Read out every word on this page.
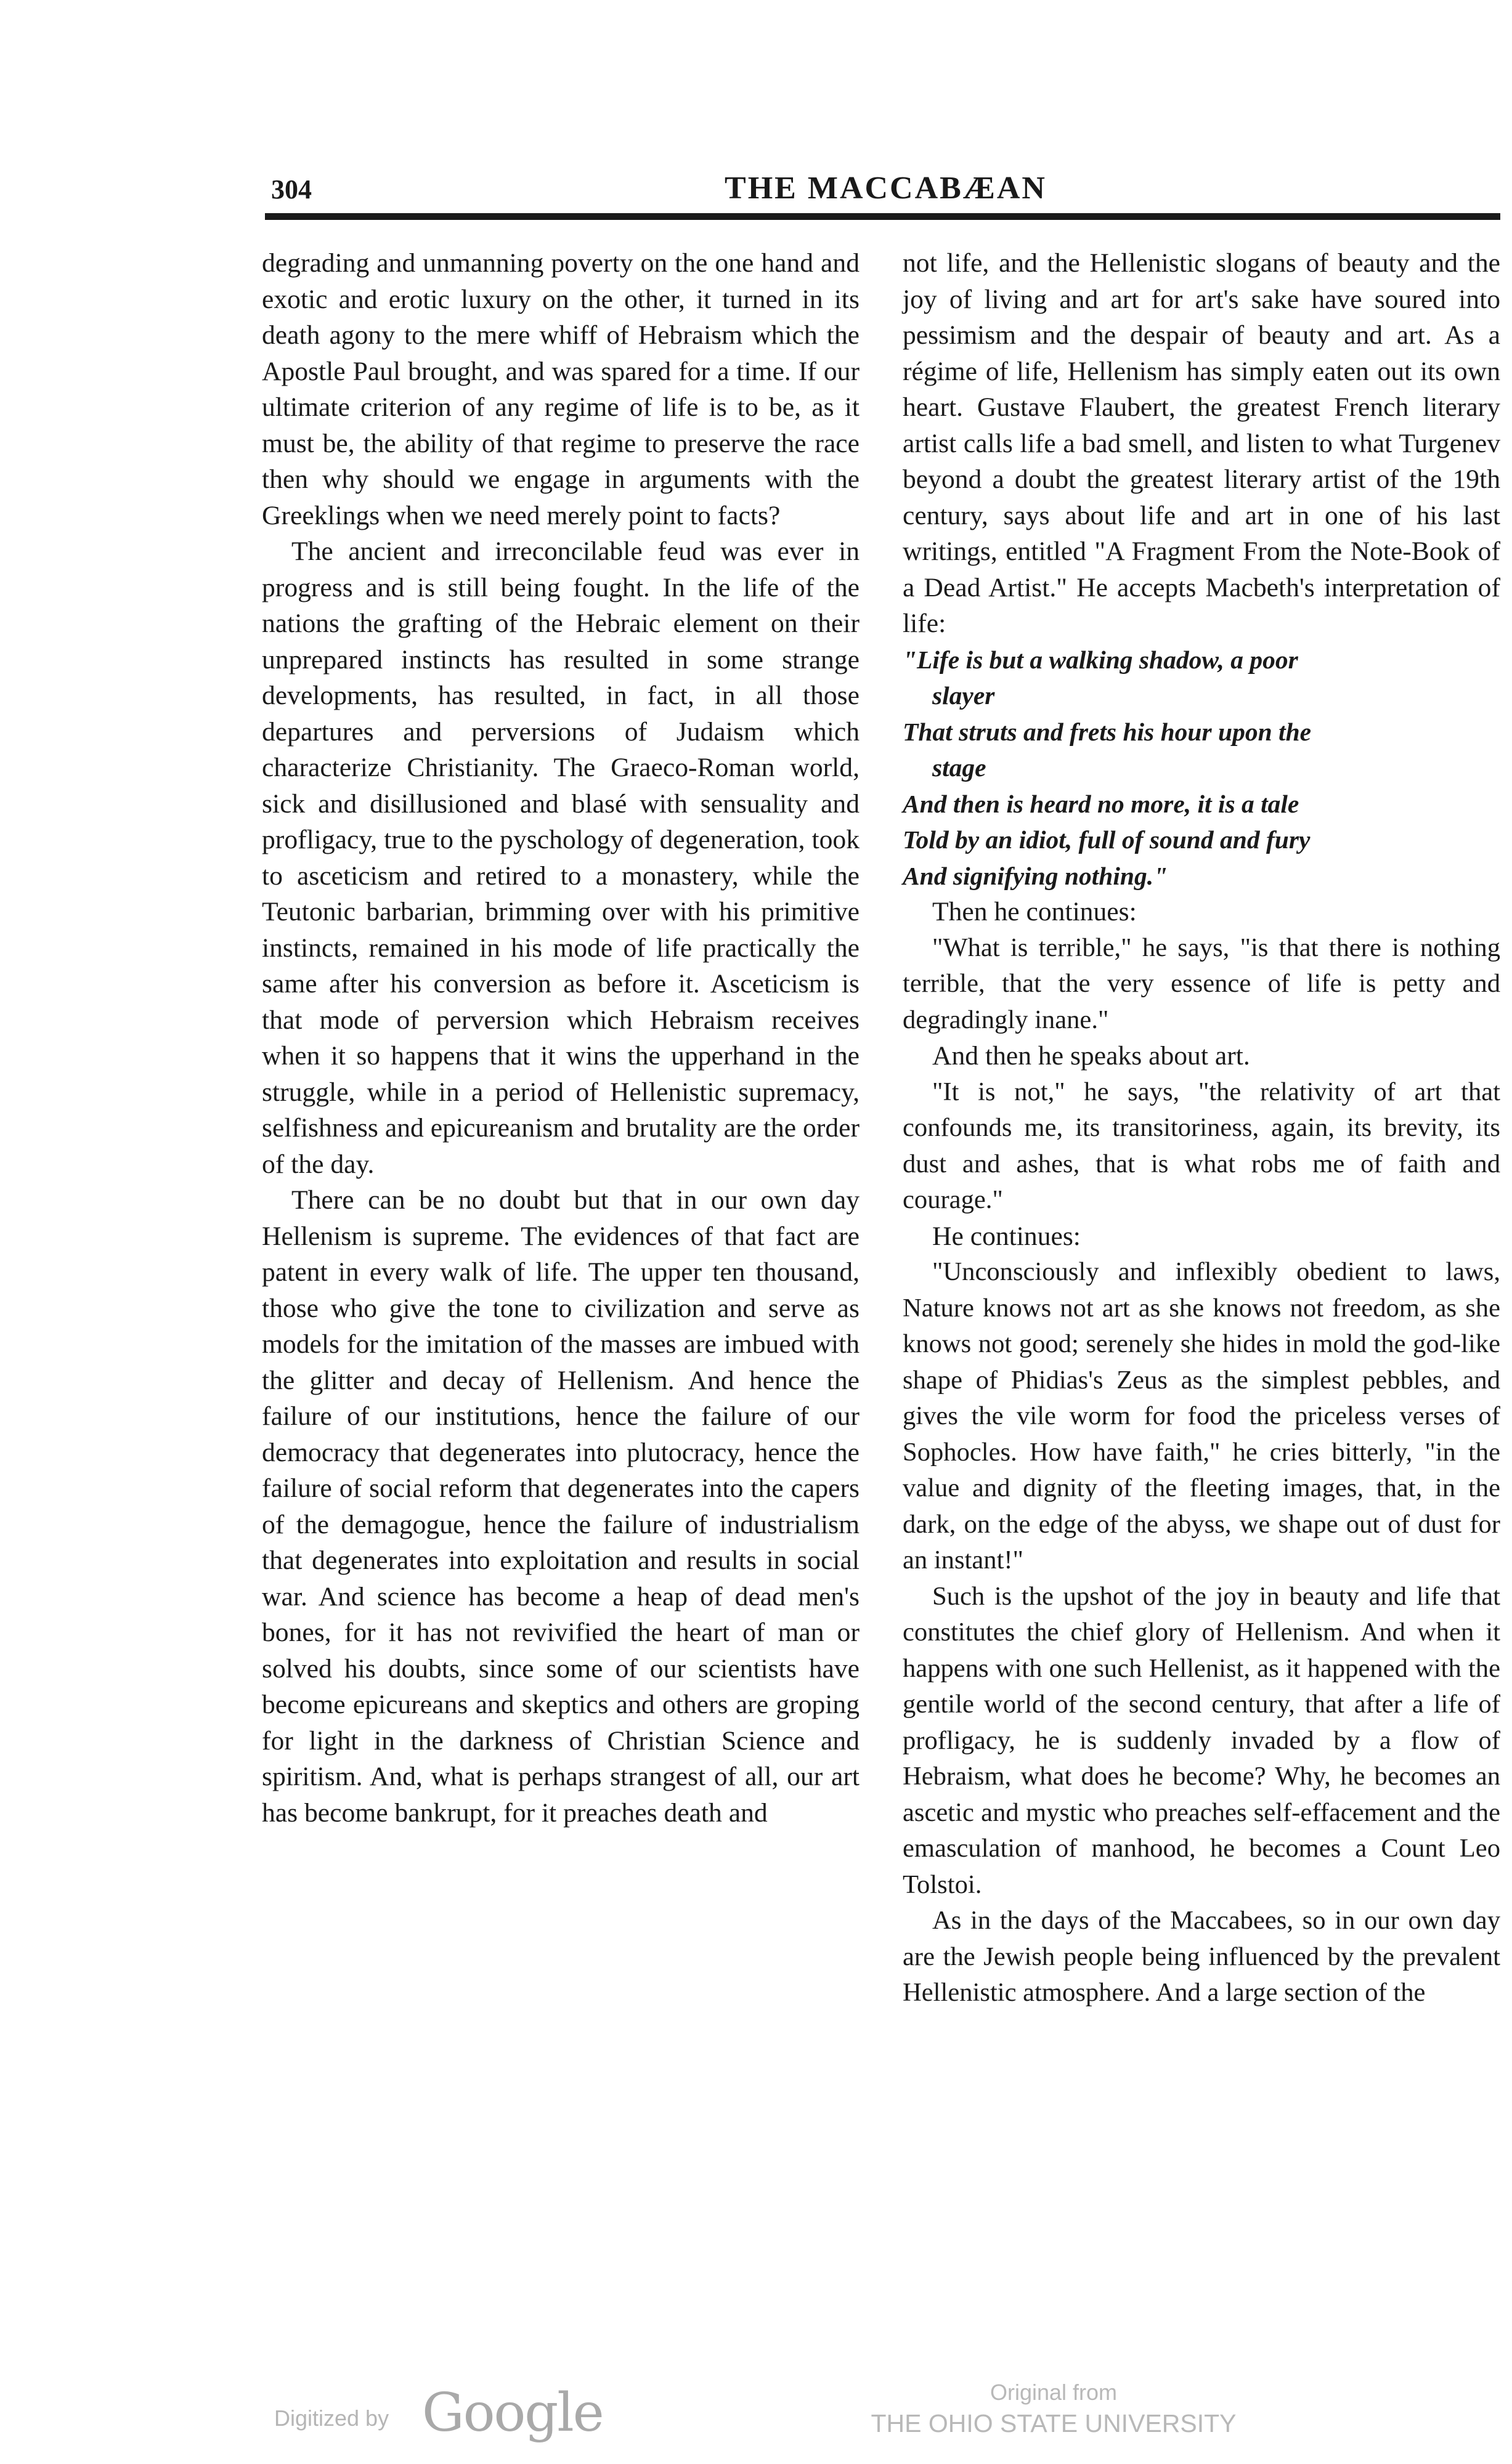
304	THE MACCABÆAN

degrading and unmanning poverty on the one hand and exotic and erotic luxury on the other, it turned in its death agony to the mere whiff of Hebraism which the Apostle Paul brought, and was spared for a time. If our ultimate criterion of any regime of life is to be, as it must be, the ability of that regime to preserve the race then why should we engage in arguments with the Greeklings when we need merely point to facts?

The ancient and irreconcilable feud was ever in progress and is still being fought. In the life of the nations the grafting of the Hebraic element on their unprepared instincts has resulted in some strange developments, has resulted, in fact, in all those departures and perversions of Judaism which characterize Christianity. The Graeco-Roman world, sick and disillusioned and blasé with sensuality and profligacy, true to the pyschology of degeneration, took to asceticism and retired to a monastery, while the Teutonic barbarian, brimming over with his primitive instincts, remained in his mode of life practically the same after his conversion as before it. Asceticism is that mode of perversion which Hebraism receives when it so happens that it wins the upperhand in the struggle, while in a period of Hellenistic supremacy, selfishness and epicureanism and brutality are the order of the day.

There can be no doubt but that in our own day Hellenism is supreme. The evidences of that fact are patent in every walk of life. The upper ten thousand, those who give the tone to civilization and serve as models for the imitation of the masses are imbued with the glitter and decay of Hellenism. And hence the failure of our institutions, hence the failure of our democracy that degenerates into plutocracy, hence the failure of social reform that degenerates into the capers of the demagogue, hence the failure of industrialism that degenerates into exploitation and results in social war. And science has become a heap of dead men's bones, for it has not revivified the heart of man or solved his doubts, since some of our scientists have become epicureans and skeptics and others are groping for light in the darkness of Christian Science and spiritism. And, what is perhaps strangest of all, our art has become bankrupt, for it preaches death and

not life, and the Hellenistic slogans of beauty and the joy of living and art for art's sake have soured into pessimism and the despair of beauty and art. As a régime of life, Hellenism has simply eaten out its own heart. Gustave Flaubert, the greatest French literary artist calls life a bad smell, and listen to what Turgenev beyond a doubt the greatest literary artist of the 19th century, says about life and art in one of his last writings, entitled "A Fragment From the Note-Book of a Dead Artist." He accepts Macbeth's interpretation of life:

"Life is but a walking shadow, a poor

slayer

That struts and frets his hour upon the

stage

And then is heard no more, it is a tale

Told by an idiot, full of sound and fury

And signifying nothing."

Then he continues:

"What is terrible," he says, "is that there is nothing terrible, that the very essence of life is petty and degradingly inane."

And then he speaks about art.

"It is not," he says, "the relativity of art that confounds me, its transitoriness, again, its brevity, its dust and ashes, that is what robs me of faith and courage."

He continues:

"Unconsciously and inflexibly obedient to laws, Nature knows not art as she knows not freedom, as she knows not good; serenely she hides in mold the god-like shape of Phidias's Zeus as the simplest pebbles, and gives the vile worm for food the priceless verses of Sophocles. How have faith," he cries bitterly, "in the value and dignity of the fleeting images, that, in the dark, on the edge of the abyss, we shape out of dust for an instant!"

Such is the upshot of the joy in beauty and life that constitutes the chief glory of Hellenism. And when it happens with one such Hellenist, as it happened with the gentile world of the second century, that after a life of profligacy, he is suddenly invaded by a flow of Hebraism, what does he become? Why, he becomes an ascetic and mystic who preaches self-effacement and the emasculation of manhood, he becomes a Count Leo Tolstoi.

As in the days of the Maccabees, so in our own day are the Jewish people being influenced by the prevalent Hellenistic atmosphere. And a large section of the

Digitized by Google	Original from
THE OHIO STATE UNIVERSITY
